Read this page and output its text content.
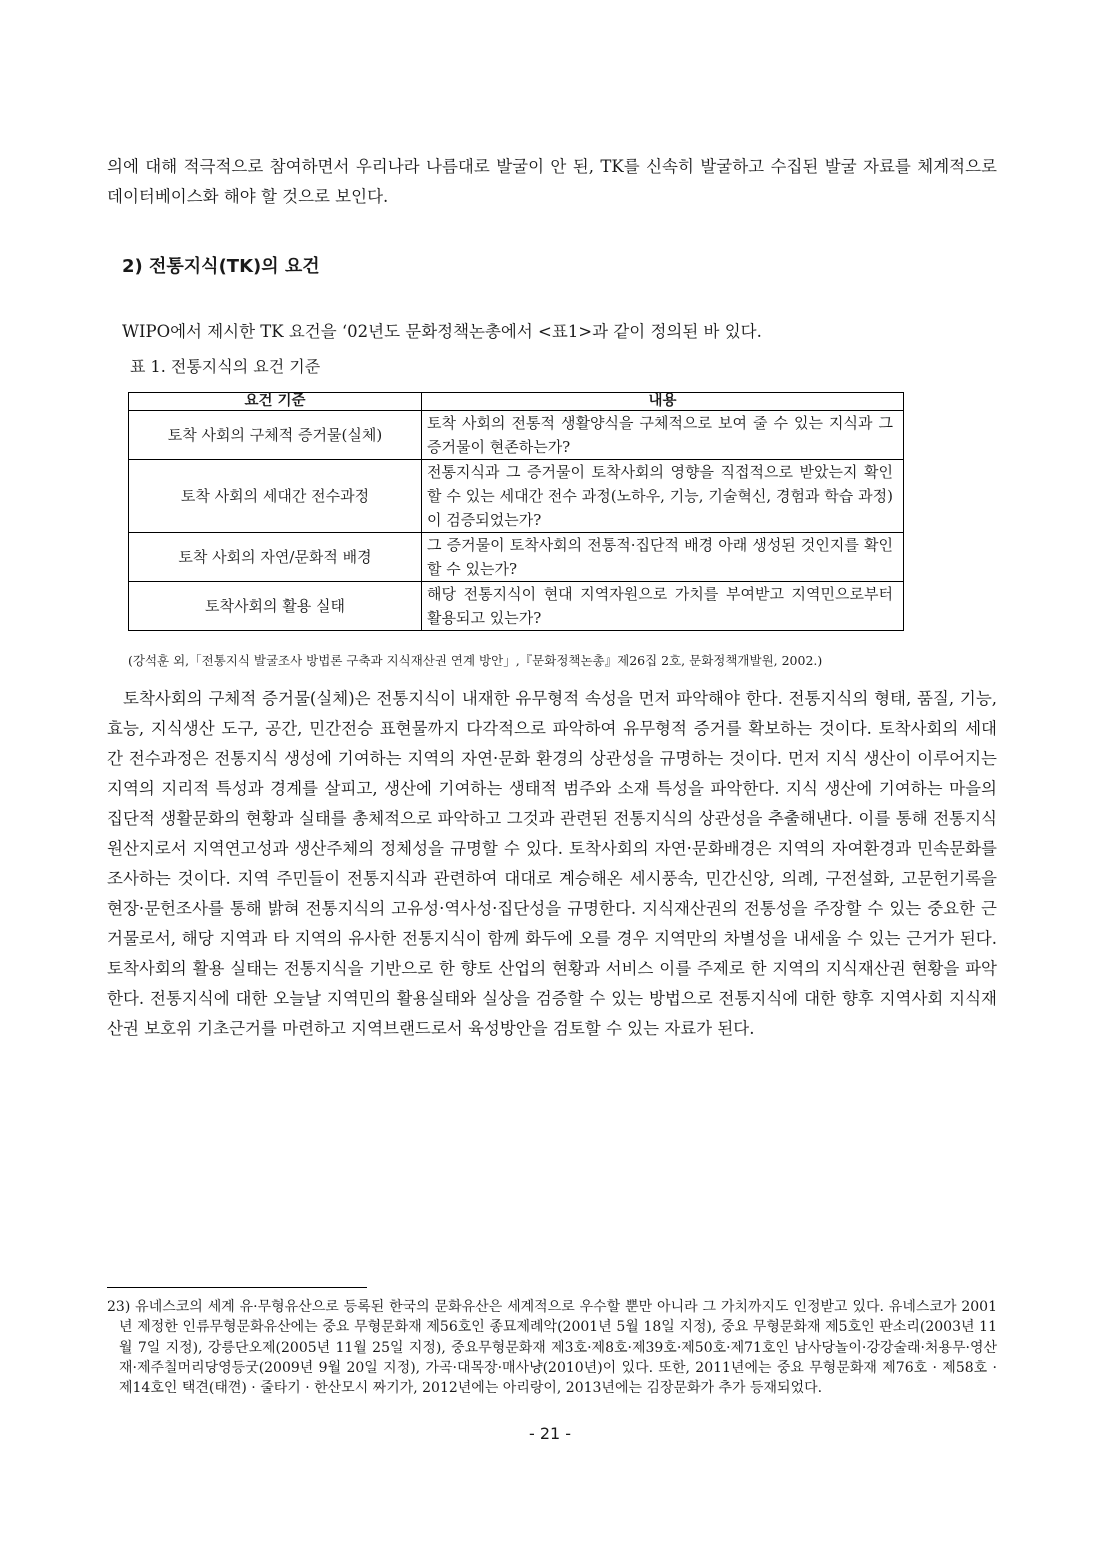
의에 대해 적극적으로 참여하면서 우리나라 나름대로 발굴이 안 된, TK를 신속히 발굴하고 수집된 발굴 자료를 체계적으로 데이터베이스화 해야 할 것으로 보인다.

2) 전통지식(TK)의 요건

WIPO에서 제시한 TK 요건을 ‘02년도 문화정책논총에서 <표1>과 같이 정의된 바 있다.

표 1. 전통지식의 요건 기준

요건 기준	내용
토착 사회의 구체적 증거물(실체)	토착 사회의 전통적 생활양식을 구체적으로 보여 줄 수 있는 지식과 그 증거물이 현존하는가?
토착 사회의 세대간 전수과정	전통지식과 그 증거물이 토착사회의 영향을 직접적으로 받았는지 확인 할 수 있는 세대간 전수 과정(노하우, 기능, 기술혁신, 경험과 학습 과정)이 검증되었는가?
토착 사회의 자연/문화적 배경	그 증거물이 토착사회의 전통적·집단적 배경 아래 생성된 것인지를 확인 할 수 있는가?
토착사회의 활용 실태	해당 전통지식이 현대 지역자원으로 가치를 부여받고 지역민으로부터 활용되고 있는가?

(강석훈 외,「전통지식 발굴조사 방법론 구축과 지식재산권 연계 방안」,『문화정책논총』제26집 2호, 문화정책개발원, 2002.)

토착사회의 구체적 증거물(실체)은 전통지식이 내재한 유무형적 속성을 먼저 파악해야 한다. 전통지식의 형태, 품질, 기능, 효능, 지식생산 도구, 공간, 민간전승 표현물까지 다각적으로 파악하여 유무형적 증거를 확보하는 것이다. 토착사회의 세대 간 전수과정은 전통지식 생성에 기여하는 지역의 자연·문화 환경의 상관성을 규명하는 것이다. 먼저 지식 생산이 이루어지는 지역의 지리적 특성과 경계를 살피고, 생산에 기여하는 생태적 범주와 소재 특성을 파악한다. 지식 생산에 기여하는 마을의 집단적 생활문화의 현황과 실태를 총체적으로 파악하고 그것과 관련된 전통지식의 상관성을 추출해낸다. 이를 통해 전통지식 원산지로서 지역연고성과 생산주체의 정체성을 규명할 수 있다. 토착사회의 자연·문화배경은 지역의 자여환경과 민속문화를 조사하는 것이다. 지역 주민들이 전통지식과 관련하여 대대로 계승해온 세시풍속, 민간신앙, 의례, 구전설화, 고문헌기록을 현장·문헌조사를 통해 밝혀 전통지식의 고유성·역사성·집단성을 규명한다. 지식재산권의 전통성을 주장할 수 있는 중요한 근거물로서, 해당 지역과 타 지역의 유사한 전통지식이 함께 화두에 오를 경우 지역만의 차별성을 내세울 수 있는 근거가 된다. 토착사회의 활용 실태는 전통지식을 기반으로 한 향토 산업의 현황과 서비스 이를 주제로 한 지역의 지식재산권 현황을 파악한다. 전통지식에 대한 오늘날 지역민의 활용실태와 실상을 검증할 수 있는 방법으로 전통지식에 대한 향후 지역사회 지식재산권 보호위 기초근거를 마련하고 지역브랜드로서 육성방안을 검토할 수 있는 자료가 된다.

23) 유네스코의 세계 유·무형유산으로 등록된 한국의 문화유산은 세계적으로 우수할 뿐만 아니라 그 가치까지도 인정받고 있다. 유네스코가 2001년 제정한 인류무형문화유산에는 중요 무형문화재 제56호인 종묘제례악(2001년 5월 18일 지정), 중요 무형문화재 제5호인 판소리(2003년 11월 7일 지정), 강릉단오제(2005년 11월 25일 지정), 중요무형문화재 제3호·제8호·제39호·제50호·제71호인 남사당놀이·강강술래·처용무·영산재·제주칠머리당영등굿(2009년 9월 20일 지정), 가곡·대목장·매사냥(2010년)이 있다. 또한, 2011년에는 중요 무형문화재 제76호 · 제58호 · 제14호인 택견(태껸) · 줄타기 · 한산모시 짜기가, 2012년에는 아리랑이, 2013년에는 김장문화가 추가 등재되었다.

- 21 -
